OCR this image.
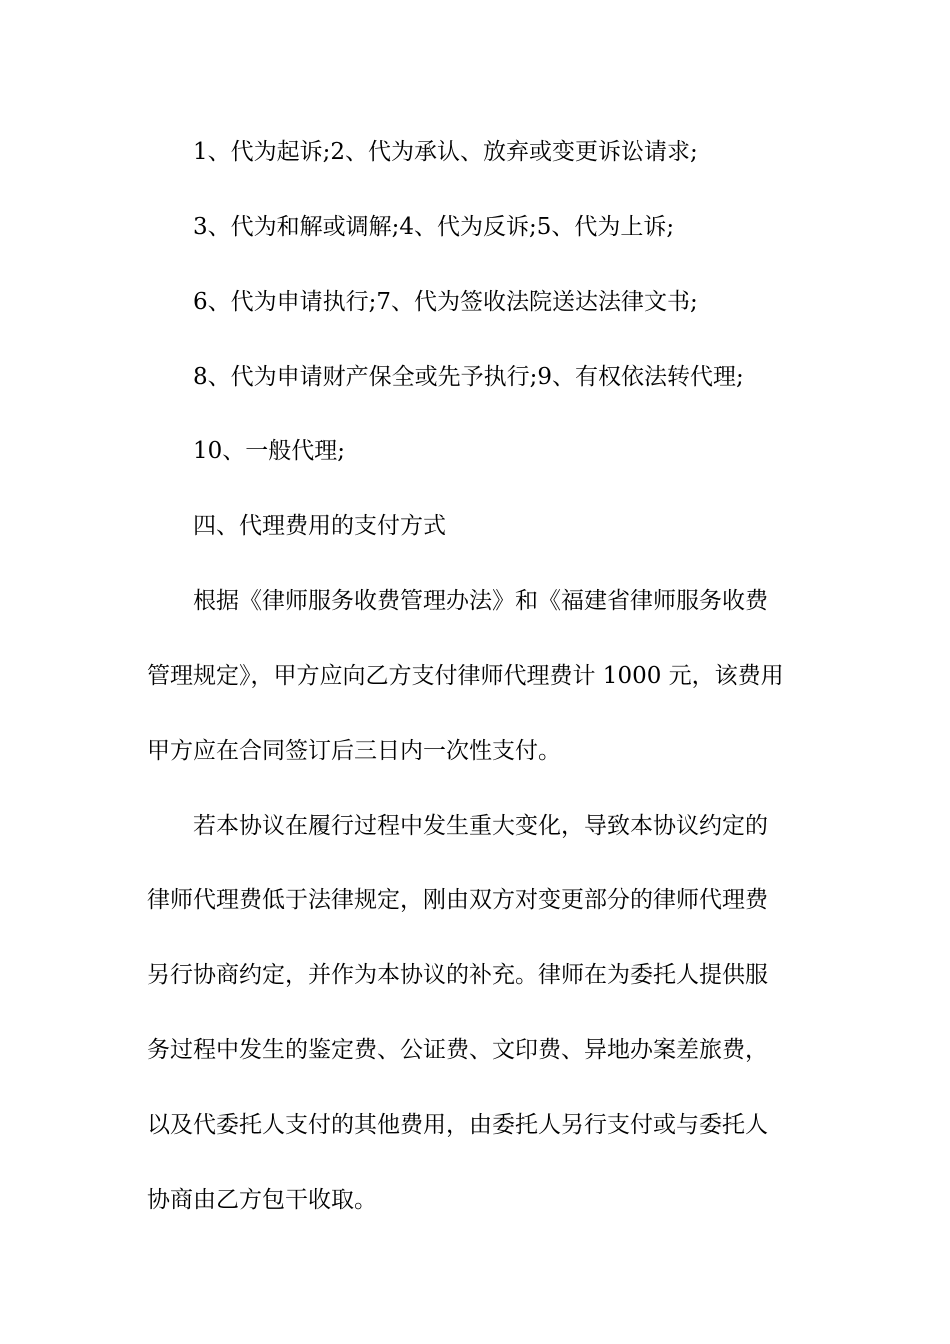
1、代为起诉;2、代为承认、放弃或变更诉讼请求;
3、代为和解或调解;4、代为反诉;5、代为上诉;
6、代为申请执行;7、代为签收法院送达法律文书;
8、代为申请财产保全或先予执行;9、有权依法转代理;
10、一般代理;
四、代理费用的支付方式
根据《律师服务收费管理办法》和《福建省律师服务收费
管理规定》，甲方应向乙方支付律师代理费计 1000 元，该费用
甲方应在合同签订后三日内一次性支付。
若本协议在履行过程中发生重大变化，导致本协议约定的
律师代理费低于法律规定，刚由双方对变更部分的律师代理费
另行协商约定，并作为本协议的补充。律师在为委托人提供服
务过程中发生的鉴定费、公证费、文印费、异地办案差旅费，
以及代委托人支付的其他费用，由委托人另行支付或与委托人
协商由乙方包干收取。
